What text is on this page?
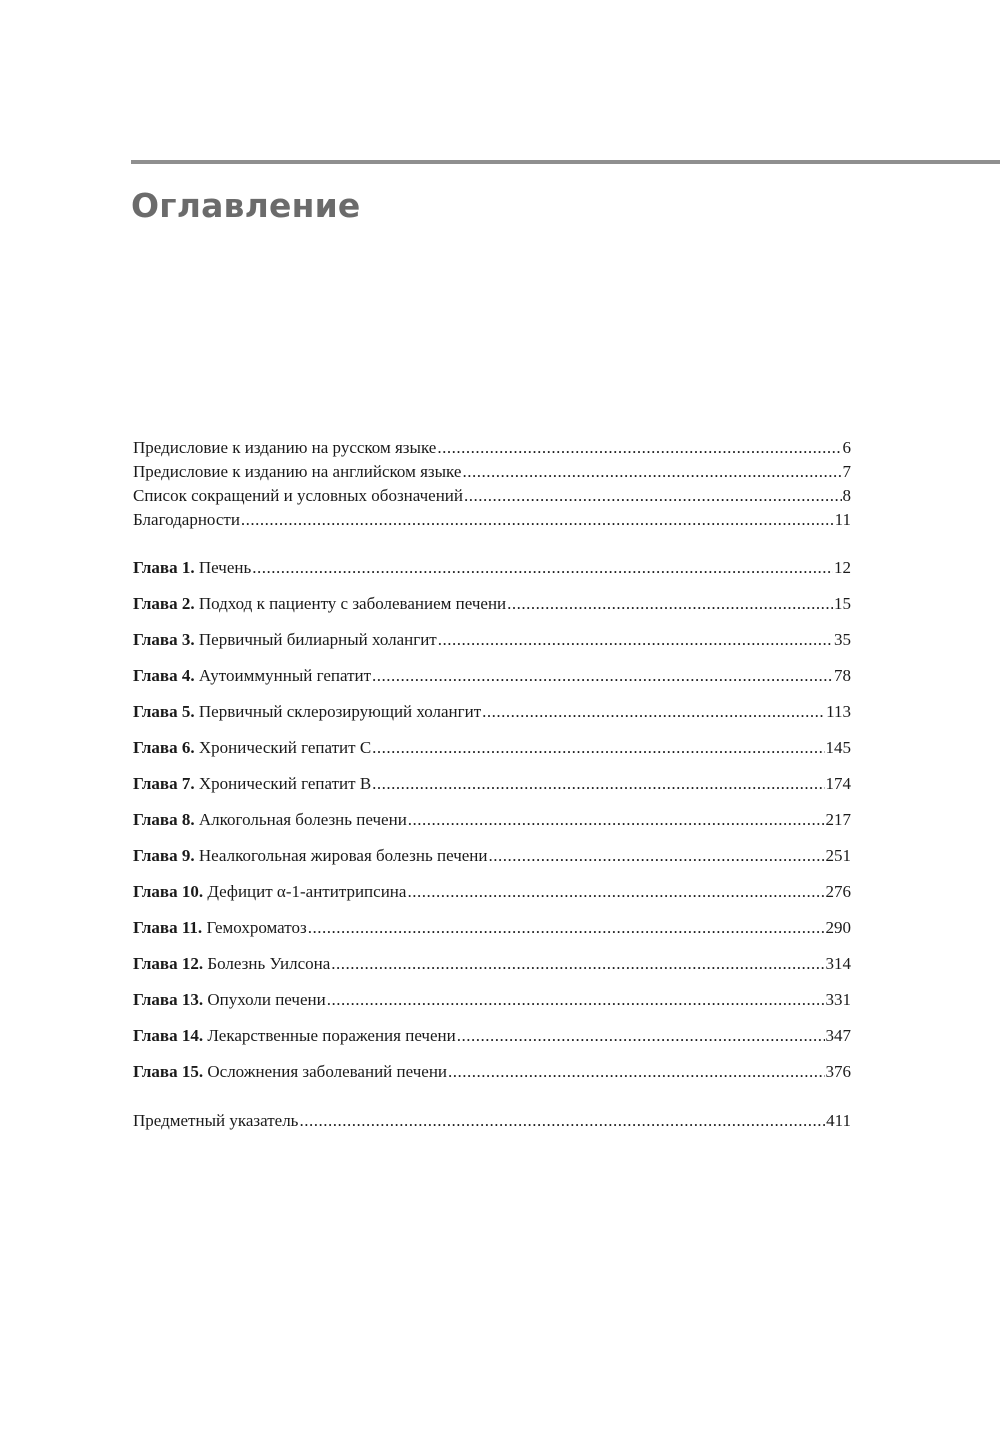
Оглавление
Предисловие к изданию на русском языке .....	6
Предисловие к изданию на английском языке .....	7
Список сокращений и условных обозначений .....	8
Благодарности .....	11
Глава 1. Печень .....	12
Глава 2. Подход к пациенту с заболеванием печени .....	15
Глава 3. Первичный билиарный холангит .....	35
Глава 4. Аутоиммунный гепатит .....	78
Глава 5. Первичный склерозирующий холангит .....	113
Глава 6. Хронический гепатит С .....	145
Глава 7. Хронический гепатит В .....	174
Глава 8. Алкогольная болезнь печени .....	217
Глава 9. Неалкогольная жировая болезнь печени .....	251
Глава 10. Дефицит α-1-антитрипсина .....	276
Глава 11. Гемохроматоз .....	290
Глава 12. Болезнь Уилсона .....	314
Глава 13. Опухоли печени .....	331
Глава 14. Лекарственные поражения печени .....	347
Глава 15. Осложнения заболеваний печени .....	376
Предметный указатель .....	411
